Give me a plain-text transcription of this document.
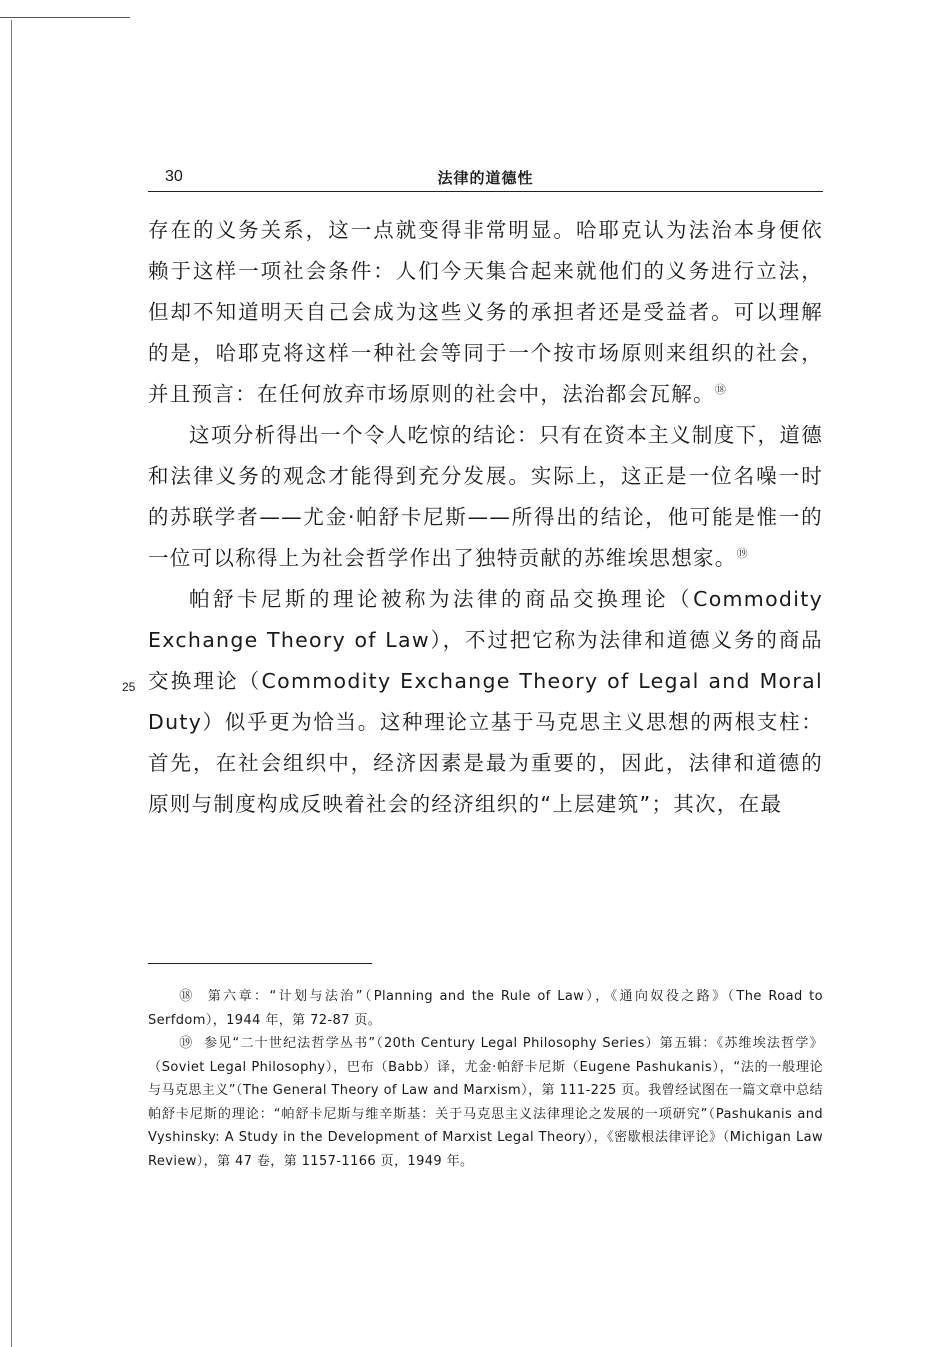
30	法律的道德性

存在的义务关系，这一点就变得非常明显。哈耶克认为法治本身便依赖于这样一项社会条件：人们今天集合起来就他们的义务进行立法，但却不知道明天自己会成为这些义务的承担者还是受益者。可以理解的是，哈耶克将这样一种社会等同于一个按市场原则来组织的社会，并且预言：在任何放弃市场原则的社会中，法治都会瓦解。⑱

这项分析得出一个令人吃惊的结论：只有在资本主义制度下，道德和法律义务的观念才能得到充分发展。实际上，这正是一位名噪一时的苏联学者——尤金·帕舒卡尼斯——所得出的结论，他可能是惟一的一位可以称得上为社会哲学作出了独特贡献的苏维埃思想家。⑲

帕舒卡尼斯的理论被称为法律的商品交换理论（Commodity Exchange Theory of Law），不过把它称为法律和道德义务的商品交换理论（Commodity Exchange Theory of Legal and Moral Duty）似乎更为恰当。这种理论立基于马克思主义思想的两根支柱：首先，在社会组织中，经济因素是最为重要的，因此，法律和道德的原则与制度构成反映着社会的经济组织的“上层建筑”；其次，在最

25

⑱ 第六章：“计划与法治”（Planning and the Rule of Law），《通向奴役之路》（The Road to Serfdom），1944 年，第 72-87 页。

⑲ 参见“二十世纪法哲学丛书”（20th Century Legal Philosophy Series）第五辑：《苏维埃法哲学》（Soviet Legal Philosophy），巴布（Babb）译，尤金·帕舒卡尼斯（Eugene Pashukanis），“法的一般理论与马克思主义”（The General Theory of Law and Marxism），第 111-225 页。我曾经试图在一篇文章中总结帕舒卡尼斯的理论：“帕舒卡尼斯与维辛斯基：关于马克思主义法律理论之发展的一项研究”（Pashukanis and Vyshinsky: A Study in the Development of Marxist Legal Theory），《密歇根法律评论》（Michigan Law Review），第 47 卷，第 1157-1166 页，1949 年。
